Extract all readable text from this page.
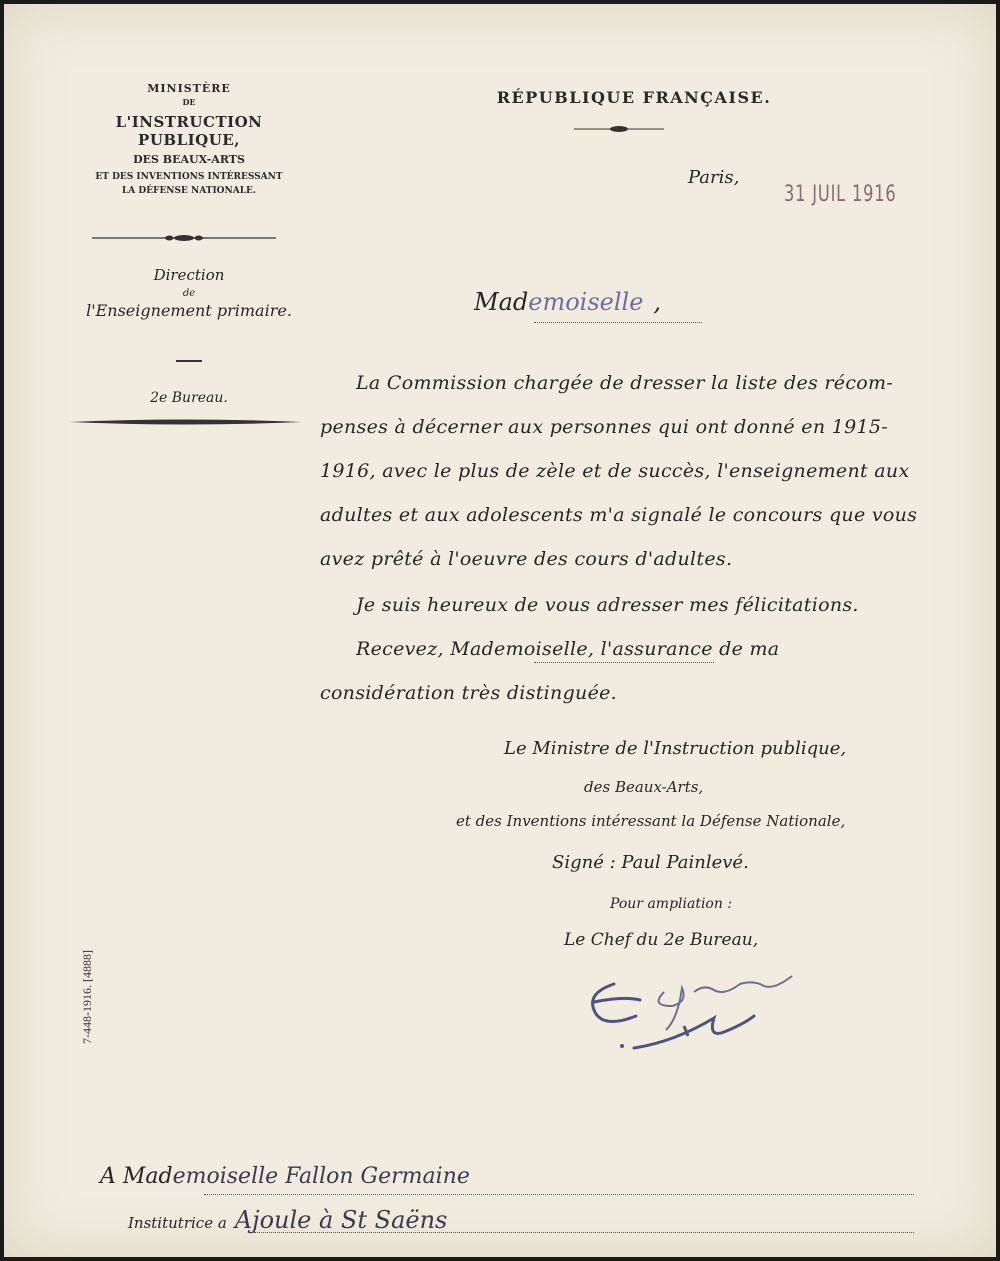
MINISTÈRE
DE
L'INSTRUCTION PUBLIQUE,
DES BEAUX-ARTS
ET DES INVENTIONS INTÉRESSANT
LA DÉFENSE NATIONALE.
Direction
de
l'Enseignement primaire.
2e Bureau.
RÉPUBLIQUE FRANÇAISE.
Paris,
31 JUIL 1916
Mademoiselle ,
La Commission chargée de dresser la liste des récom-
penses à décerner aux personnes qui ont donné en 1915-
1916, avec le plus de zèle et de succès, l'enseignement aux
adultes et aux adolescents m'a signalé le concours que vous
avez prêté à l'oeuvre des cours d'adultes.
Je suis heureux de vous adresser mes félicitations.
Recevez, Mademoiselle, l'assurance de ma
considération très distinguée.
Le Ministre de l'Instruction publique,
des Beaux-Arts,
et des Inventions intéressant la Défense Nationale,
Signé : Paul Painlevé.
Pour ampliation :
Le Chef du 2e Bureau,
7-448-1916. [4888]
A Mademoiselle Fallon Germaine
Institutrice a Ajoule à St Saëns
